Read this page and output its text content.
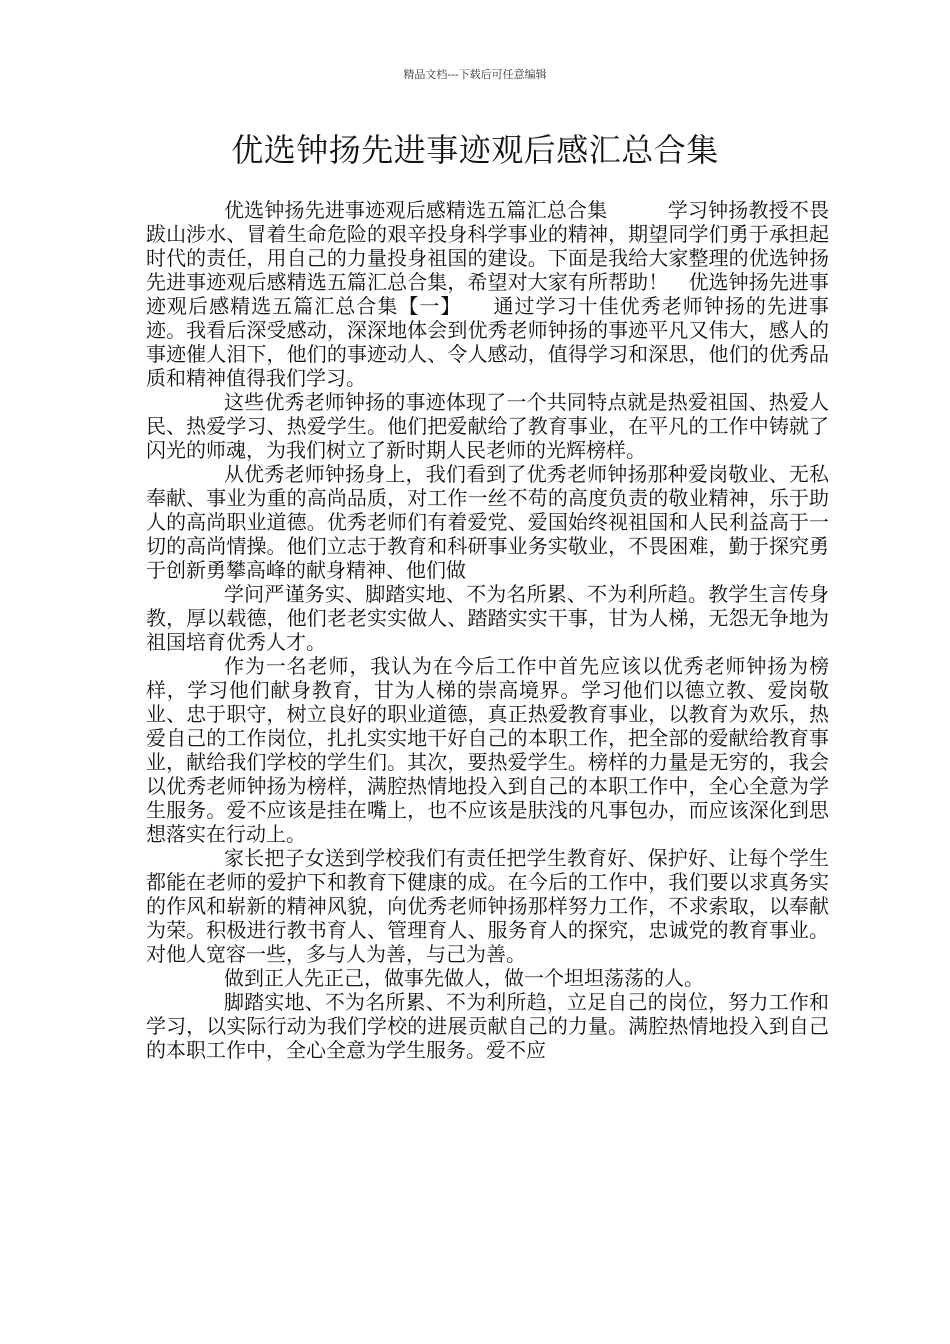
精品文档---下载后可任意编辑
优选钟扬先进事迹观后感汇总合集

优选钟扬先进事迹观后感精选五篇汇总合集　　　学习钟扬教授不畏跋山涉水、冒着生命危险的艰辛投身科学事业的精神，期望同学们勇于承担起时代的责任，用自己的力量投身祖国的建设。下面是我给大家整理的优选钟扬先进事迹观后感精选五篇汇总合集，希望对大家有所帮助！　优选钟扬先进事迹观后感精选五篇汇总合集【一】　　通过学习十佳优秀老师钟扬的先进事迹。我看后深受感动，深深地体会到优秀老师钟扬的事迹平凡又伟大，感人的事迹催人泪下，他们的事迹动人、令人感动，值得学习和深思，他们的优秀品质和精神值得我们学习。

这些优秀老师钟扬的事迹体现了一个共同特点就是热爱祖国、热爱人民、热爱学习、热爱学生。他们把爱献给了教育事业，在平凡的工作中铸就了闪光的师魂，为我们树立了新时期人民老师的光辉榜样。

从优秀老师钟扬身上，我们看到了优秀老师钟扬那种爱岗敬业、无私奉献、事业为重的高尚品质，对工作一丝不苟的高度负责的敬业精神，乐于助人的高尚职业道德。优秀老师们有着爱党、爱国始终视祖国和人民利益高于一切的高尚情操。他们立志于教育和科研事业务实敬业，不畏困难，勤于探究勇于创新勇攀高峰的献身精神、他们做

学问严谨务实、脚踏实地、不为名所累、不为利所趋。教学生言传身教，厚以载德，他们老老实实做人、踏踏实实干事，甘为人梯，无怨无争地为祖国培育优秀人才。

作为一名老师，我认为在今后工作中首先应该以优秀老师钟扬为榜样，学习他们献身教育，甘为人梯的崇高境界。学习他们以德立教、爱岗敬业、忠于职守，树立良好的职业道德，真正热爱教育事业，以教育为欢乐，热爱自己的工作岗位，扎扎实实地干好自己的本职工作，把全部的爱献给教育事业，献给我们学校的学生们。其次，要热爱学生。榜样的力量是无穷的，我会以优秀老师钟扬为榜样，满腔热情地投入到自己的本职工作中，全心全意为学生服务。爱不应该是挂在嘴上，也不应该是肤浅的凡事包办，而应该深化到思想落实在行动上。

家长把子女送到学校我们有责任把学生教育好、保护好、让每个学生都能在老师的爱护下和教育下健康的成。在今后的工作中，我们要以求真务实的作风和崭新的精神风貌，向优秀老师钟扬那样努力工作，不求索取，以奉献为荣。积极进行教书育人、管理育人、服务育人的探究，忠诚党的教育事业。对他人宽容一些，多与人为善，与己为善。

做到正人先正己，做事先做人，做一个坦坦荡荡的人。

脚踏实地、不为名所累、不为利所趋，立足自己的岗位，努力工作和学习，以实际行动为我们学校的进展贡献自己的力量。满腔热情地投入到自己的本职工作中，全心全意为学生服务。爱不应
